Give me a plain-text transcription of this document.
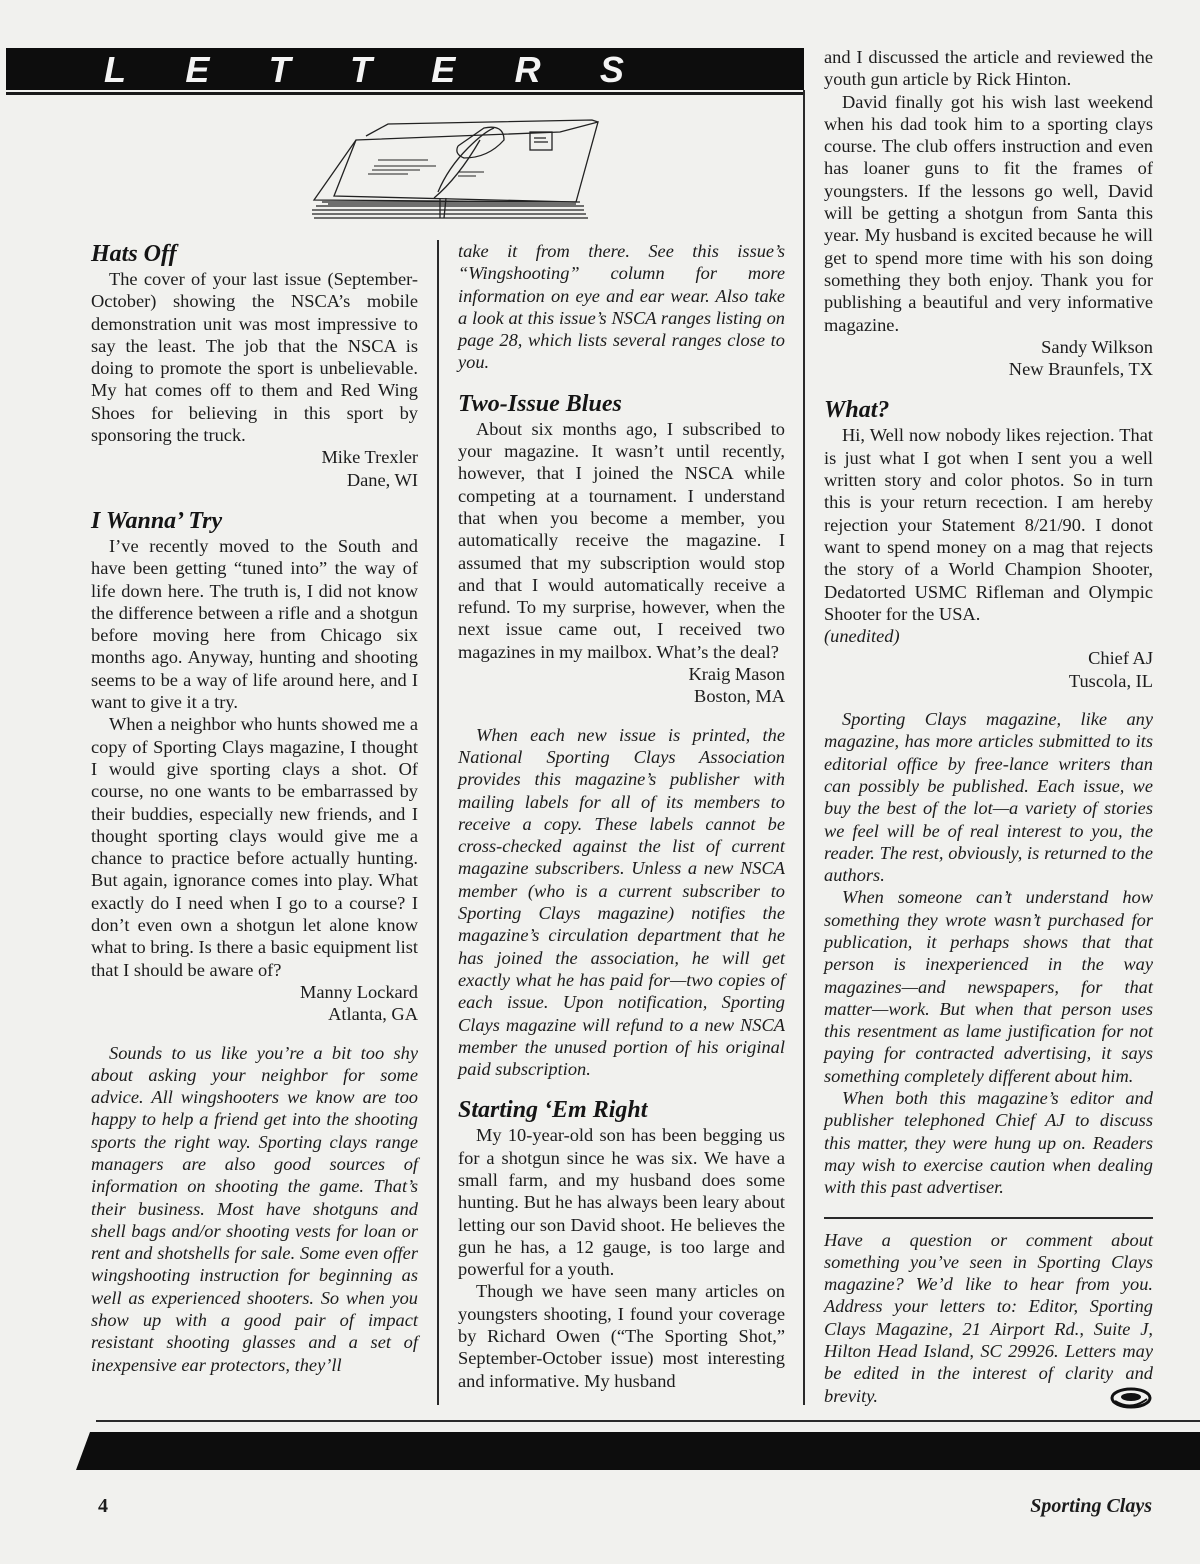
L E T T E R S
Hats Off

The cover of your last issue (September-October) showing the NSCA’s mobile demonstration unit was most impressive to say the least. The job that the NSCA is doing to promote the sport is unbelievable. My hat comes off to them and Red Wing Shoes for believing in this sport by sponsoring the truck.

Mike Trexler
Dane, WI
I Wanna’ Try

I’ve recently moved to the South and have been getting “tuned into” the way of life down here. The truth is, I did not know the difference between a rifle and a shotgun before moving here from Chicago six months ago. Anyway, hunting and shooting seems to be a way of life around here, and I want to give it a try.

When a neighbor who hunts showed me a copy of Sporting Clays magazine, I thought I would give sporting clays a shot. Of course, no one wants to be embarrassed by their buddies, especially new friends, and I thought sporting clays would give me a chance to practice before actually hunting. But again, ignorance comes into play. What exactly do I need when I go to a course? I don’t even own a shotgun let alone know what to bring. Is there a basic equipment list that I should be aware of?

Manny Lockard
Atlanta, GA

Sounds to us like you’re a bit too shy about asking your neighbor for some advice. All wingshooters we know are too happy to help a friend get into the shooting sports the right way. Sporting clays range managers are also good sources of information on shooting the game. That’s their business. Most have shotguns and shell bags and/or shooting vests for loan or rent and shotshells for sale. Some even offer wingshooting instruction for beginning as well as experienced shooters. So when you show up with a good pair of impact resistant shooting glasses and a set of inexpensive ear protectors, they’ll

take it from there. See this issue’s “Wingshooting” column for more information on eye and ear wear. Also take a look at this issue’s NSCA ranges listing on page 28, which lists several ranges close to you.

Two-Issue Blues

About six months ago, I subscribed to your magazine. It wasn’t until recently, however, that I joined the NSCA while competing at a tournament. I understand that when you become a member, you automatically receive the magazine. I assumed that my subscription would stop and that I would automatically receive a refund. To my surprise, however, when the next issue came out, I received two magazines in my mailbox. What’s the deal?

Kraig Mason
Boston, MA

When each new issue is printed, the National Sporting Clays Association provides this magazine’s publisher with mailing labels for all of its members to receive a copy. These labels cannot be cross-checked against the list of current magazine subscribers. Unless a new NSCA member (who is a current subscriber to Sporting Clays magazine) notifies the magazine’s circulation department that he has joined the association, he will get exactly what he has paid for—two copies of each issue. Upon notification, Sporting Clays magazine will refund to a new NSCA member the unused portion of his original paid subscription.

Starting ‘Em Right

My 10-year-old son has been begging us for a shotgun since he was six. We have a small farm, and my husband does some hunting. But he has always been leary about letting our son David shoot. He believes the gun he has, a 12 gauge, is too large and powerful for a youth.

Though we have seen many articles on youngsters shooting, I found your coverage by Richard Owen (“The Sporting Shot,” September-October issue) most interesting and informative. My husband

and I discussed the article and reviewed the youth gun article by Rick Hinton.

David finally got his wish last weekend when his dad took him to a sporting clays course. The club offers instruction and even has loaner guns to fit the frames of youngsters. If the lessons go well, David will be getting a shotgun from Santa this year. My husband is excited because he will get to spend more time with his son doing something they both enjoy. Thank you for publishing a beautiful and very informative magazine.

Sandy Wilkson
New Braunfels, TX
What?

Hi, Well now nobody likes rejection. That is just what I got when I sent you a well written story and color photos. So in turn this is your return recection. I am hereby rejection your Statement 8/21/90. I donot want to spend money on a mag that rejects the story of a World Champion Shooter, Dedatorted USMC Rifleman and Olympic Shooter for the USA.

(unedited)

Chief AJ
Tuscola, IL

Sporting Clays magazine, like any magazine, has more articles submitted to its editorial office by free-lance writers than can possibly be published. Each issue, we buy the best of the lot—a variety of stories we feel will be of real interest to you, the reader. The rest, obviously, is returned to the authors.

When someone can’t understand how something they wrote wasn’t purchased for publication, it perhaps shows that that person is inexperienced in the way magazines—and newspapers, for that matter—work. But when that person uses this resentment as lame justification for not paying for contracted advertising, it says something completely different about him.

When both this magazine’s editor and publisher telephoned Chief AJ to discuss this matter, they were hung up on. Readers may wish to exercise caution when dealing with this past advertiser.

Have a question or comment about something you’ve seen in Sporting Clays magazine? We’d like to hear from you. Address your letters to: Editor, Sporting Clays Magazine, 21 Airport Rd., Suite J, Hilton Head Island, SC 29926. Letters may be edited in the interest of clarity and brevity.

4	Sporting Clays
